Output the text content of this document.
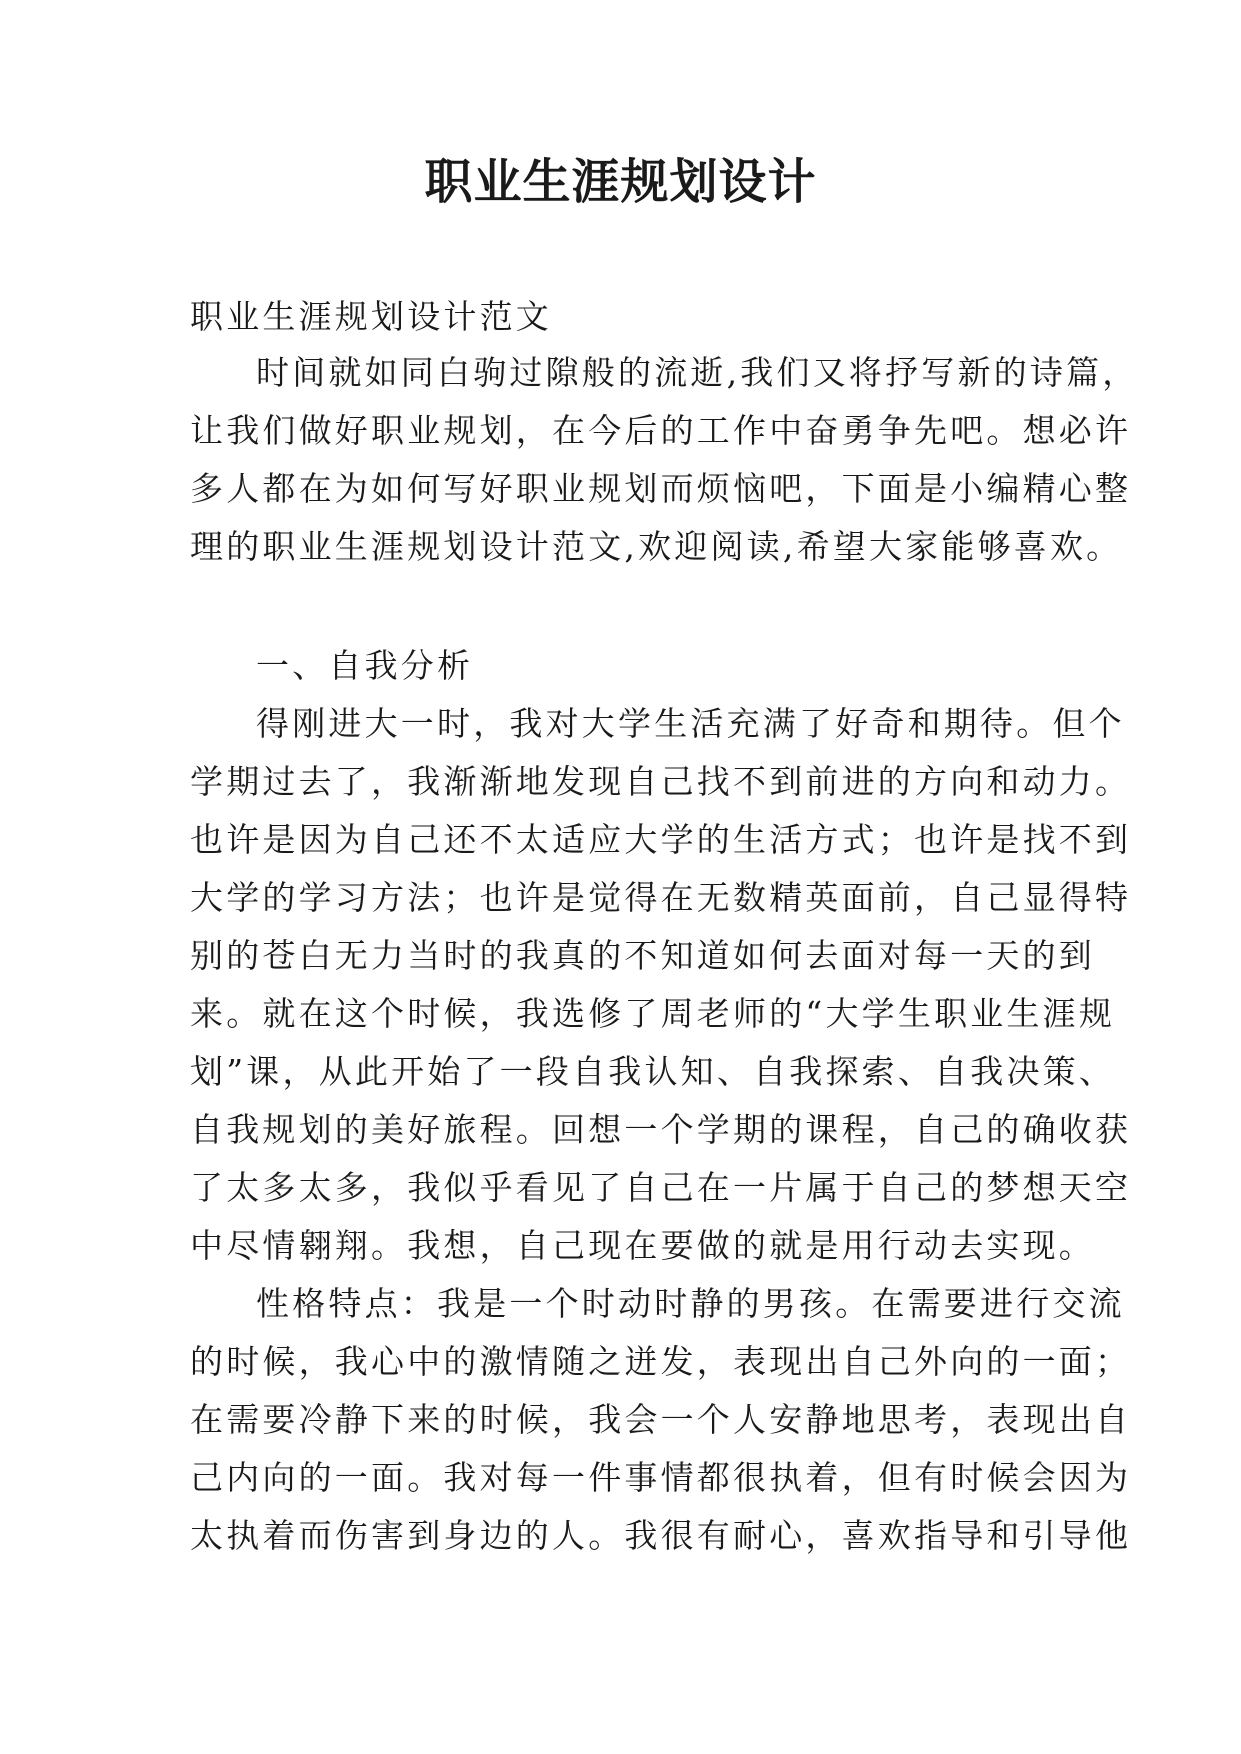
职业生涯规划设计
职业生涯规划设计范文
时间就如同白驹过隙般的流逝,我们又将抒写新的诗篇，
让我们做好职业规划，在今后的工作中奋勇争先吧。想必许
多人都在为如何写好职业规划而烦恼吧，下面是小编精心整
理的职业生涯规划设计范文,欢迎阅读,希望大家能够喜欢。
一、自我分析
得刚进大一时，我对大学生活充满了好奇和期待。但个
学期过去了，我渐渐地发现自己找不到前进的方向和动力。
也许是因为自己还不太适应大学的生活方式；也许是找不到
大学的学习方法；也许是觉得在无数精英面前，自己显得特
别的苍白无力当时的我真的不知道如何去面对每一天的到
来。就在这个时候，我选修了周老师的“大学生职业生涯规
划”课，从此开始了一段自我认知、自我探索、自我决策、
自我规划的美好旅程。回想一个学期的课程，自己的确收获
了太多太多，我似乎看见了自己在一片属于自己的梦想天空
中尽情翱翔。我想，自己现在要做的就是用行动去实现。
性格特点：我是一个时动时静的男孩。在需要进行交流
的时候，我心中的激情随之迸发，表现出自己外向的一面；
在需要冷静下来的时候，我会一个人安静地思考，表现出自
己内向的一面。我对每一件事情都很执着，但有时候会因为
太执着而伤害到身边的人。我很有耐心，喜欢指导和引导他
